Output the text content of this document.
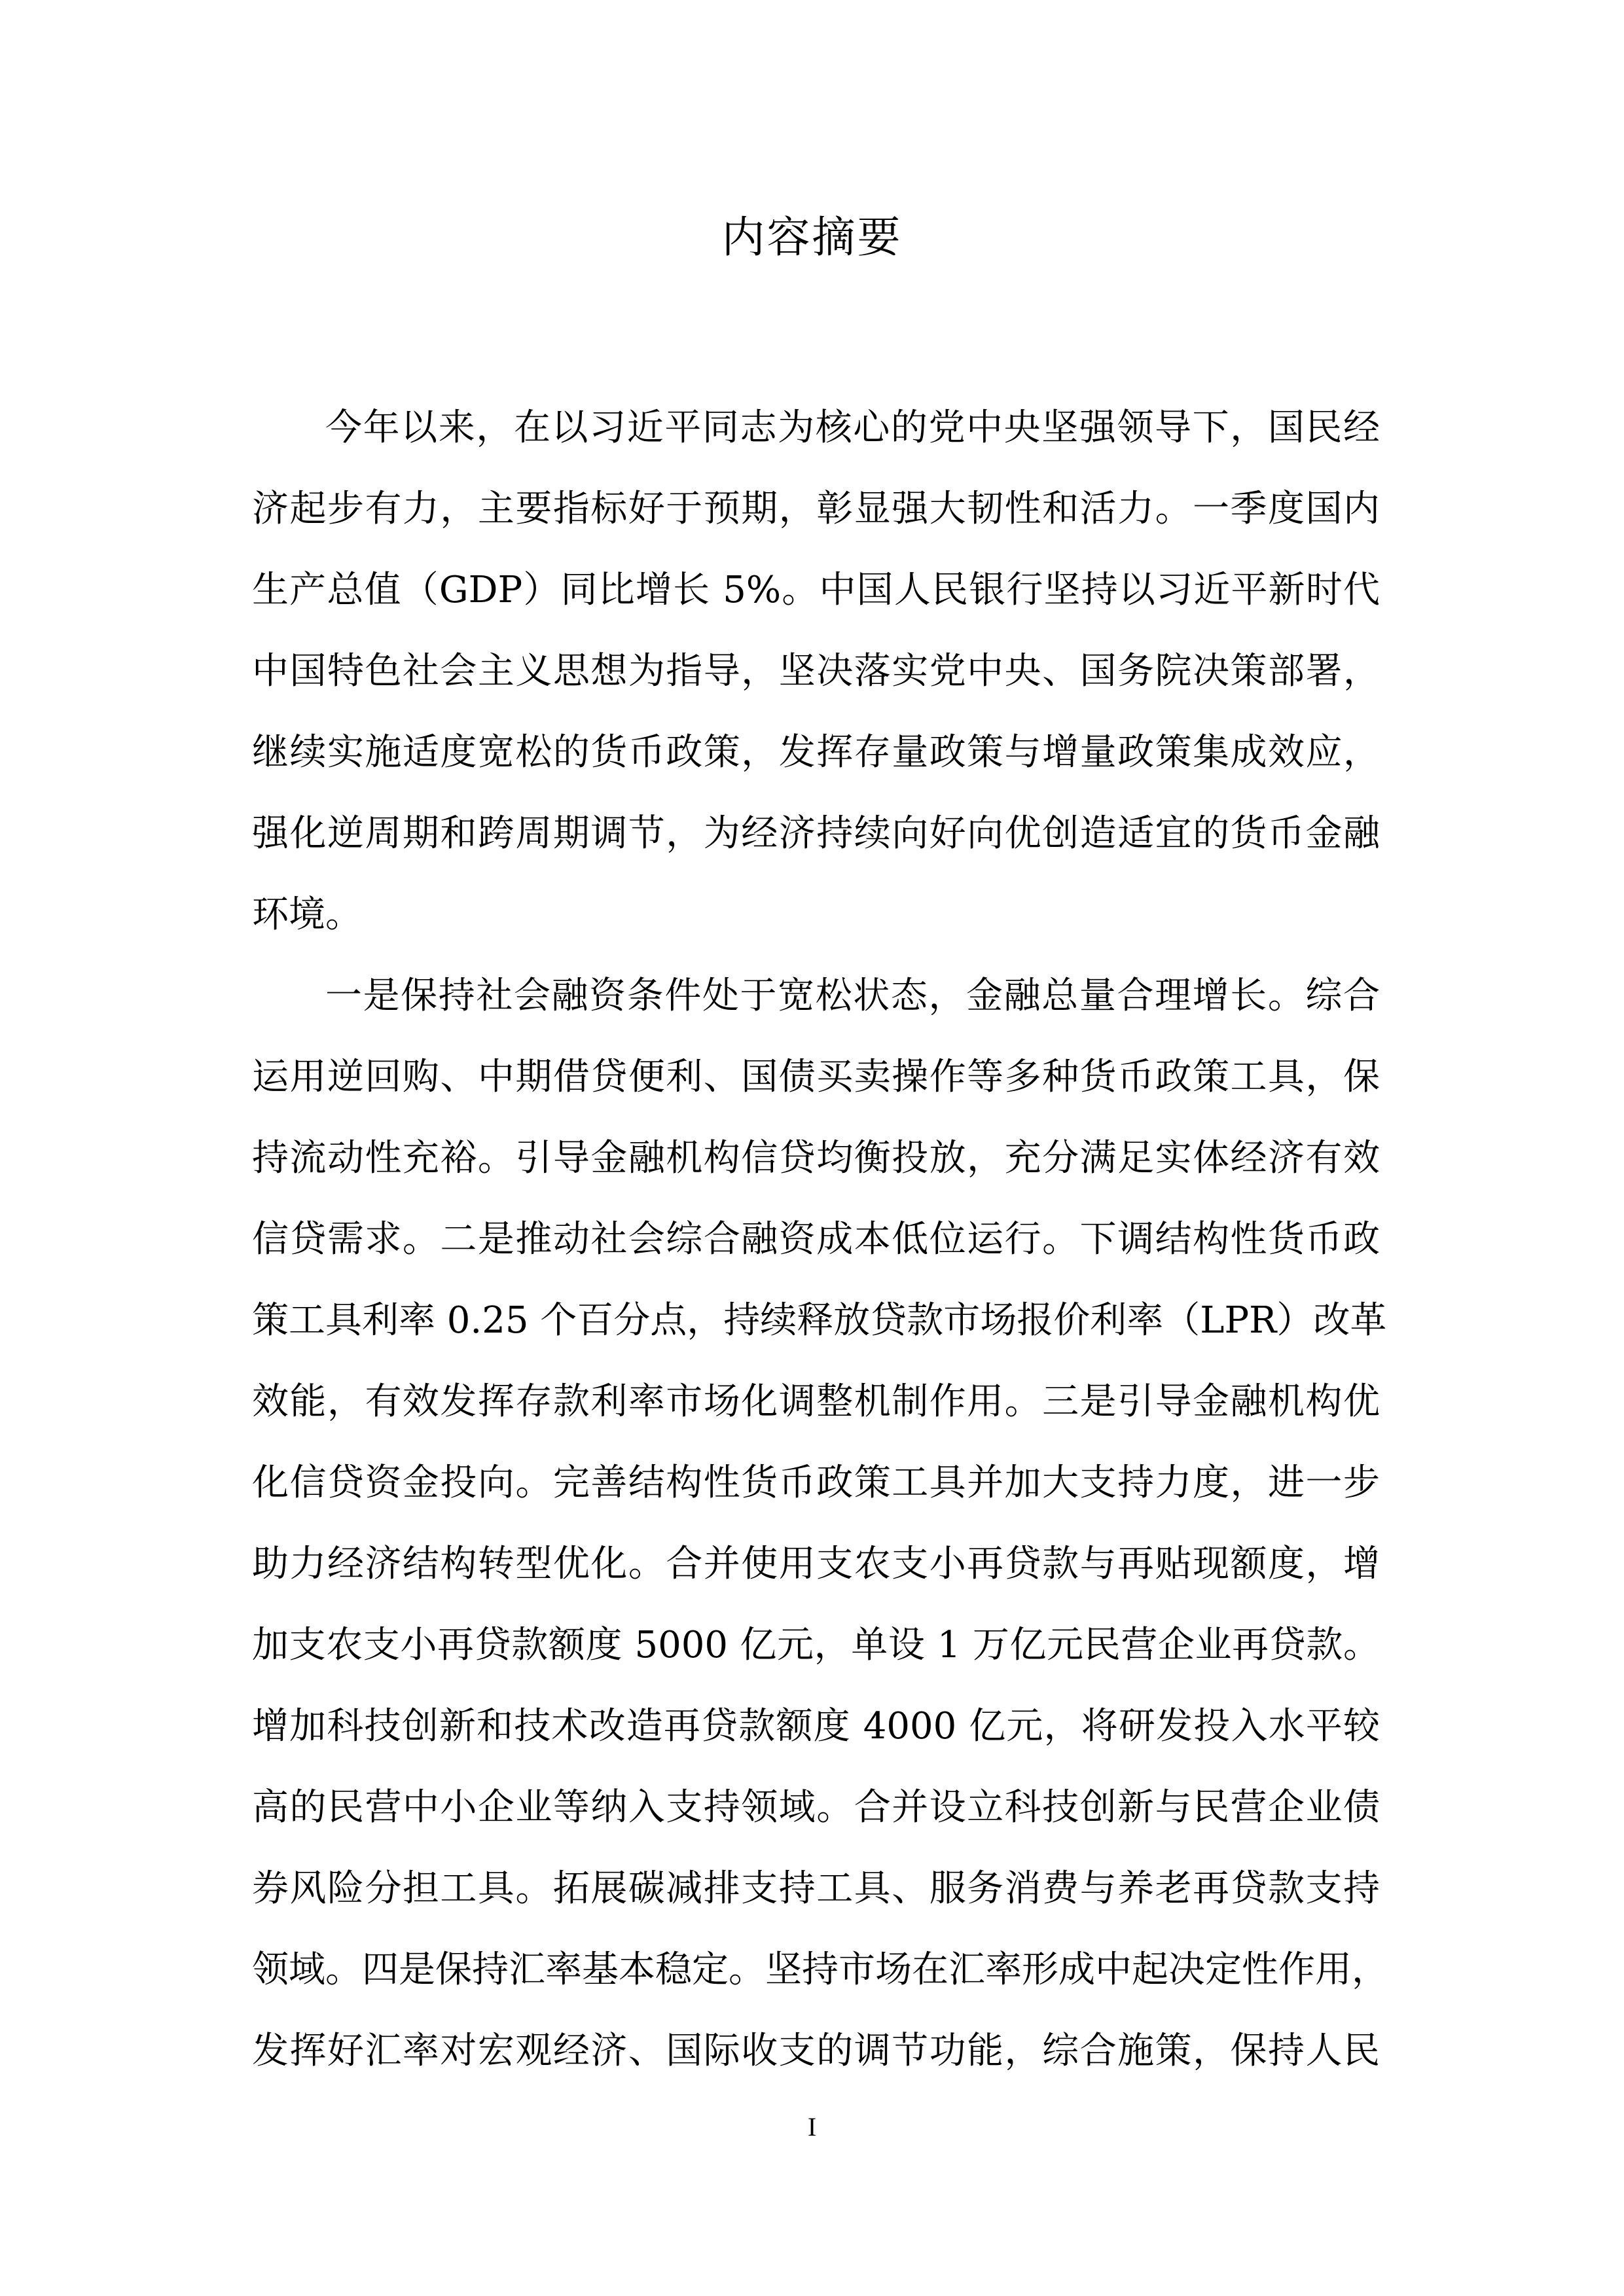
内容摘要
今年以来，在以习近平同志为核心的党中央坚强领导下，国民经
济起步有力，主要指标好于预期，彰显强大韧性和活力。一季度国内
生产总值（GDP）同比增长 5%。中国人民银行坚持以习近平新时代
中国特色社会主义思想为指导，坚决落实党中央、国务院决策部署，
继续实施适度宽松的货币政策，发挥存量政策与增量政策集成效应，
强化逆周期和跨周期调节，为经济持续向好向优创造适宜的货币金融
环境。
一是保持社会融资条件处于宽松状态，金融总量合理增长。综合
运用逆回购、中期借贷便利、国债买卖操作等多种货币政策工具，保
持流动性充裕。引导金融机构信贷均衡投放，充分满足实体经济有效
信贷需求。二是推动社会综合融资成本低位运行。下调结构性货币政
策工具利率 0.25 个百分点，持续释放贷款市场报价利率（LPR）改革
效能，有效发挥存款利率市场化调整机制作用。三是引导金融机构优
化信贷资金投向。完善结构性货币政策工具并加大支持力度，进一步
助力经济结构转型优化。合并使用支农支小再贷款与再贴现额度，增
加支农支小再贷款额度 5000 亿元，单设 1 万亿元民营企业再贷款。
增加科技创新和技术改造再贷款额度 4000 亿元，将研发投入水平较
高的民营中小企业等纳入支持领域。合并设立科技创新与民营企业债
券风险分担工具。拓展碳减排支持工具、服务消费与养老再贷款支持
领域。四是保持汇率基本稳定。坚持市场在汇率形成中起决定性作用，
发挥好汇率对宏观经济、国际收支的调节功能，综合施策，保持人民
I
